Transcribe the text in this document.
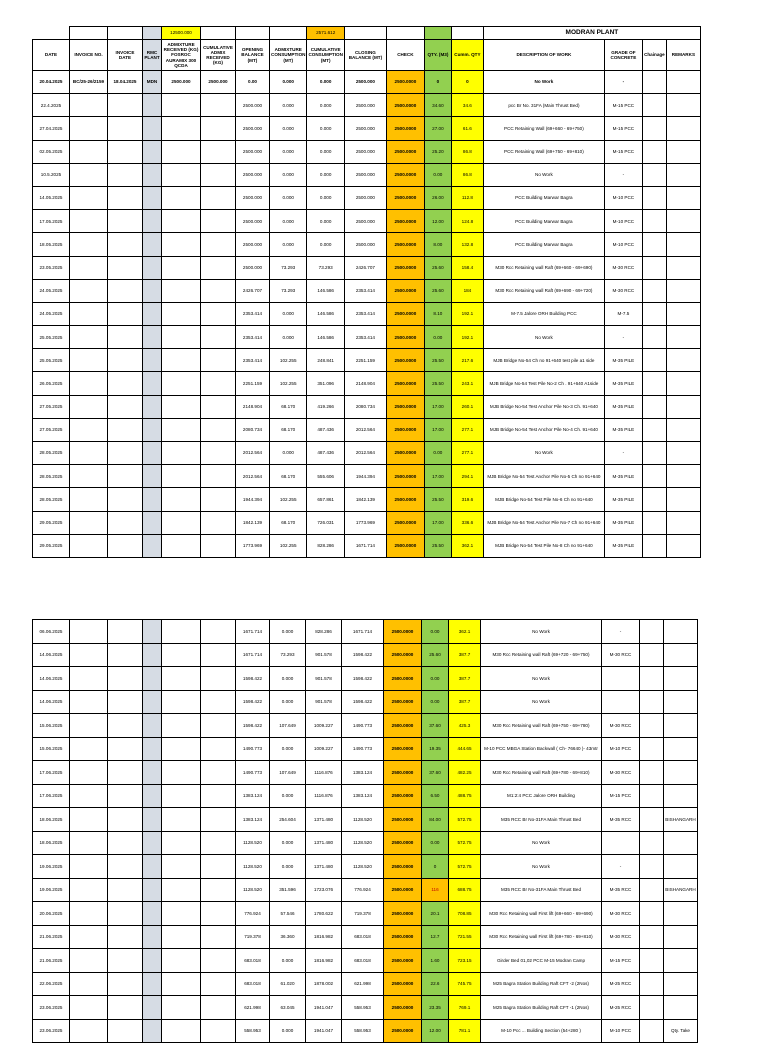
				12500.000				2571.612					MODRAN PLANT			
DATE	INVOICE NO.	INVOICE DATE	RMC PLANT	ADMIXTURE RECEIVED (KG) FOSROC AURAMIX 300 QCDA	CUMULATIVE ADMIX RECEIVED (KG)	OPENING BALANCE (MT)	ADMIXTURE CONSUMPTION (MT)	CUMULATIVE CONSUMPTION (MT)	CLOSING BALANCE (MT)	CHECK	QTY. (M3)	Cumm. QTY	DESCRIPTION OF WORK	GRADE OF CONCRETE	Chainage	REMARKS
20.04.2025	BC/25-26/2159	18.04.2025	MDN	2500.000	2500.000	0.00	0.000	0.000	2500.000	2500.0000	0	0	No Work	-		
22.4.2025						2500.000	0.000	0.000	2500.000	2500.0000	34.60	34.6	pcc Br No. 31FA (Main Thrust Bed)	M-15 PCC		
27.04.2025						2500.000	0.000	0.000	2500.000	2500.0000	27.00	61.6	PCC Retaining Wall (69+660 - 69+750)	M-15 PCC		
02.05.2025						2500.000	0.000	0.000	2500.000	2500.0000	25.20	86.8	PCC Retaining Wall (69+750 - 69+810)	M-15 PCC		
10.5.2025						2500.000	0.000	0.000	2500.000	2500.0000	0.00	86.8	No Work	-		
14.05.2025						2500.000	0.000	0.000	2500.000	2500.0000	26.00	112.8	PCC Building Marwar Bagra	M-10 PCC		
17.05.2025						2500.000	0.000	0.000	2500.000	2500.0000	12.00	124.8	PCC Building Marwar Bagra	M-10 PCC		
18.05.2025						2500.000	0.000	0.000	2500.000	2500.0000	8.00	132.8	PCC Building Marwar Bagra	M-10 PCC		
23.05.2025						2500.000	73.293	73.293	2426.707	2500.0000	25.60	158.4	M30 Rcc Retaining wall Raft (69+660 - 69+690)	M-30 RCC		
24.05.2025						2426.707	73.293	146.586	2353.414	2500.0000	25.60	184	M30 Rcc Retaining wall Raft (69+690 - 69+720)	M-30 RCC		
24.05.2025						2353.414	0.000	146.586	2353.414	2500.0000	8.10	192.1	M-7.5 Jalore ORH Building PCC	M-7.5		
25.05.2025						2353.414	0.000	146.586	2353.414	2500.0000	0.00	192.1	No Work	-		
25.05.2025						2353.414	102.255	248.841	2251.159	2500.0000	25.50	217.6	MJB Bridge No-54 Ch no 91+640 test pile a1 side	M-35 PILE		
26.05.2025						2251.159	102.255	351.096	2148.904	2500.0000	25.50	243.1	MJB Bridge No-54 Test Pile No-2 Ch . 91+640 A1side	M-35 PILE		
27.05.2025						2148.904	68.170	419.266	2080.734	2500.0000	17.00	260.1	MJB Bridge No-54 Test Anchor Pile No-3 Ch. 91+640	M-35 PILE		
27.05.2025						2080.734	68.170	487.436	2012.564	2500.0000	17.00	277.1	MJB Bridge No-54 Test Anchor Pile No-4 Ch. 91+640	M-35 PILE		
28.05.2025						2012.564	0.000	487.436	2012.564	2500.0000	0.00	277.1	No Work	-		
28.05.2025						2012.564	68.170	555.606	1944.394	2500.0000	17.00	294.1	MJB Bridge No-54 Test Anchor Pile No-5 Ch no 91+640	M-35 PILE		
28.05.2025						1944.394	102.255	657.861	1842.139	2500.0000	25.50	319.6	MJB Bridge No-54 Test Pile No-6 Ch no 91+640	M-35 PILE		
29.05.2025						1842.139	68.170	726.031	1773.969	2500.0000	17.00	336.6	MJB Bridge No-54 Test Anchor Pile No-7 Ch no 91+640	M-35 PILE		
29.05.2025						1773.969	102.255	828.286	1671.714	2500.0000	25.50	362.1	MJB Bridge No-54 Test Pile No-8 Ch no 91+640	M-35 PILE		
06.06.2025						1671.714	0.000	828.286	1671.714	2500.0000	0.00	362.1	No Work	-		
14.06.2025						1671.714	73.293	901.578	1598.422	2500.0000	25.60	387.7	M30 Rcc Retaining wall Raft (69+720 - 69+750)	M-30 RCC		
14.06.2025						1598.422	0.000	901.578	1598.422	2500.0000	0.00	387.7	No Work			
14.06.2025						1598.422	0.000	901.578	1598.422	2500.0000	0.00	387.7	No Work			
15.06.2025						1598.422	107.649	1009.227	1490.773	2500.0000	37.60	425.3	M30 Rcc Retaining wall Raft (69+750 - 69+780)	M-30 RCC		
15.06.2025						1490.773	0.000	1009.227	1490.773	2500.0000	19.35	444.65	M-10 PCC MBGA Station Backwall ( Ch- 76640 )- 43mtr	M-10 PCC		
17.06.2025						1490.773	107.649	1116.876	1383.124	2500.0000	37.60	482.25	M30 Rcc Retaining wall Raft (69+780 - 69+810)	M-30 RCC		
17.06.2025						1383.124	0.000	1116.876	1383.124	2500.0000	6.50	488.75	M1:2:4 PCC Jalore ORH Building	M-15 PCC		
18.06.2025						1383.124	254.604	1371.480	1128.520	2500.0000	84.00	572.75	M35 RCC Br No-31FA Main Thrust Bed	M-35 RCC		BISHANGARH
18.06.2025						1128.520	0.000	1371.480	1128.520	2500.0000	0.00	572.75	No Work			
19.06.2025						1128.520	0.000	1371.480	1128.520	2500.0000	0	572.75	No Work	-		
19.06.2025						1128.520	351.596	1723.076	776.924	2500.0000	116	688.75	M35 RCC Br No-31FA Main Thrust Bed	M-35 RCC		BISHANGARH
20.06.2025						776.924	57.546	1780.622	719.378	2500.0000	20.1	708.85	M30 Rcc Retaining wall First lift (69+660 - 69+690)	M-30 RCC		
21.06.2025						719.378	36.360	1816.982	683.018	2500.0000	12.7	721.55	M30 Rcc Retaining wall First lift (69+780 - 69+810)	M-30 RCC		
21.06.2025						683.018	0.000	1816.982	683.018	2500.0000	1.60	723.15	Girder Bed 01,02 PCC M-15 Modran Camp	M-15 PCC		
22.06.2025						683.018	61.020	1878.002	621.998	2500.0000	22.6	745.75	M25 Bagra Station Building Raft CFT -2 (2Nos)	M-25 RCC		
23.06.2025						621.998	63.045	1941.047	558.953	2500.0000	23.35	769.1	M25 Bagra Station Building Raft CFT -1 (2Nos)	M-25 RCC		
23.06.2025						558.953	0.000	1941.047	558.953	2500.0000	12.00	781.1	M-10 Pcc ... Building Section (54+280 )	M-10 PCC		Qty. Take
